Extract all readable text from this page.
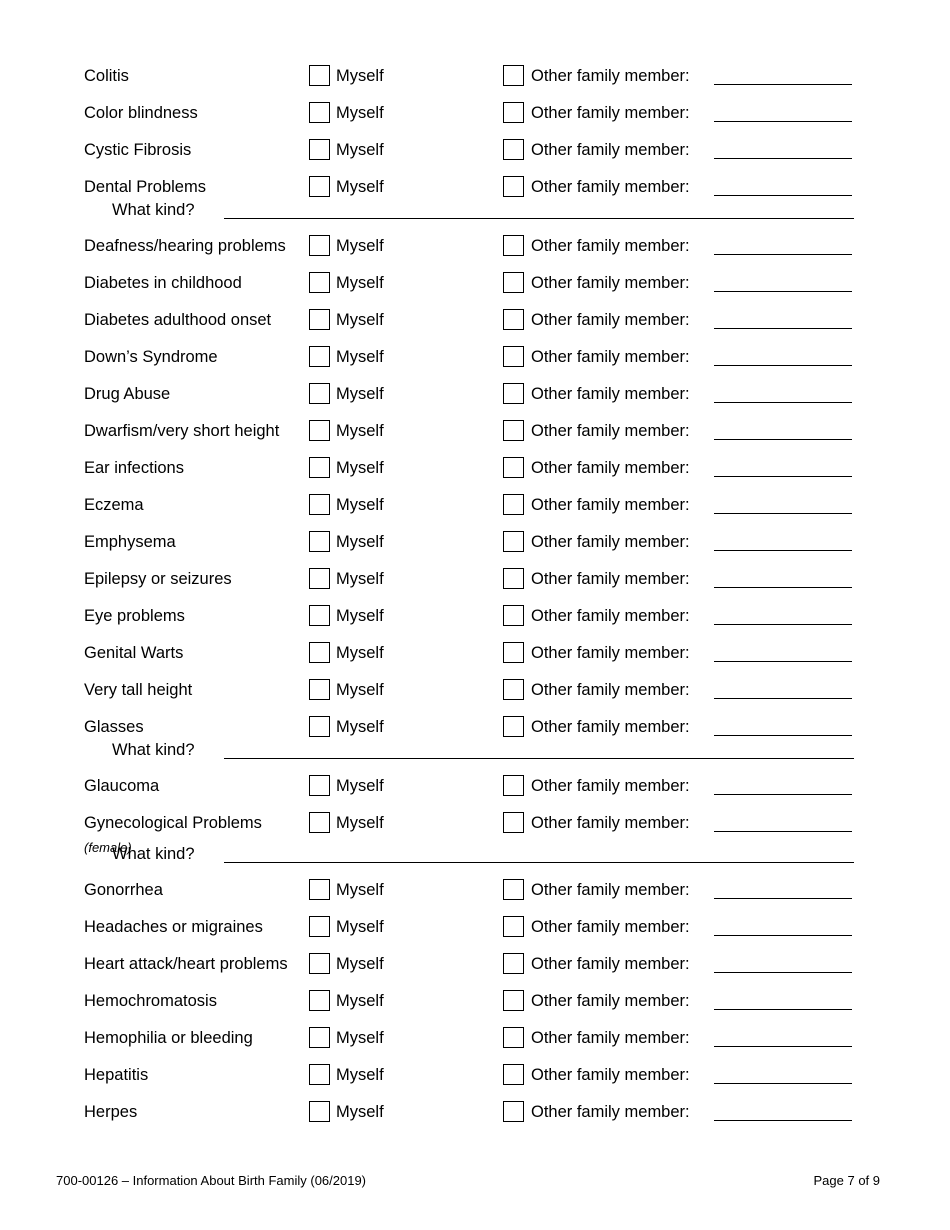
Colitis	Myself	Other family member:
Color blindness	Myself	Other family member:
Cystic Fibrosis	Myself	Other family member:
Dental Problems	Myself	Other family member:
What kind?
Deafness/hearing problems	Myself	Other family member:
Diabetes in childhood	Myself	Other family member:
Diabetes adulthood onset	Myself	Other family member:
Down’s Syndrome	Myself	Other family member:
Drug Abuse	Myself	Other family member:
Dwarfism/very short height	Myself	Other family member:
Ear infections	Myself	Other family member:
Eczema	Myself	Other family member:
Emphysema	Myself	Other family member:
Epilepsy or seizures	Myself	Other family member:
Eye problems	Myself	Other family member:
Genital Warts	Myself	Other family member:
Very tall height	Myself	Other family member:
Glasses	Myself	Other family member:
What kind?
Glaucoma	Myself	Other family member:
Gynecological Problems	Myself	Other family member:
(female)
What kind?
Gonorrhea	Myself	Other family member:
Headaches or migraines	Myself	Other family member:
Heart attack/heart problems	Myself	Other family member:
Hemochromatosis	Myself	Other family member:
Hemophilia or bleeding	Myself	Other family member:
Hepatitis	Myself	Other family member:
Herpes	Myself	Other family member:
700-00126 – Information About Birth Family (06/2019)	Page 7 of 9
